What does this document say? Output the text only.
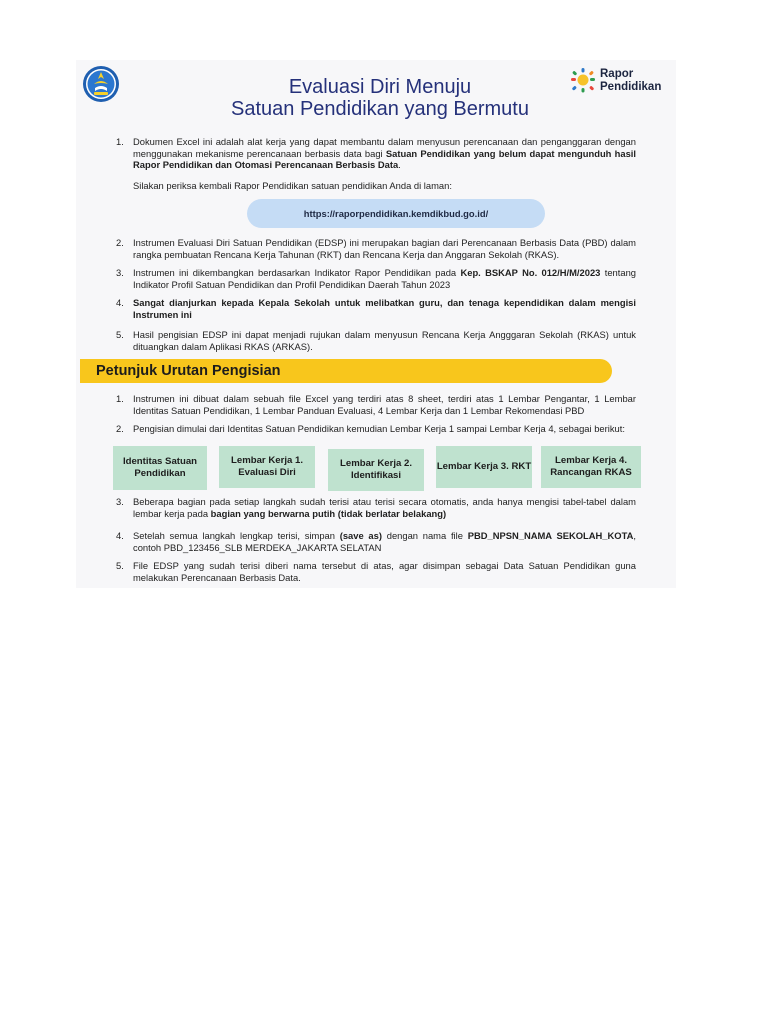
Rapor
Pendidikan
Evaluasi Diri Menuju
Satuan Pendidikan yang Bermutu
1. Dokumen Excel ini adalah alat kerja yang dapat membantu dalam menyusun perencanaan dan penganggaran dengan menggunakan mekanisme perencanaan berbasis data bagi Satuan Pendidikan yang belum dapat mengunduh hasil Rapor Pendidikan dan Otomasi Perencanaan Berbasis Data.
Silakan periksa kembali Rapor Pendidikan satuan pendidikan Anda di laman:
https://raporpendidikan.kemdikbud.go.id/
2. Instrumen Evaluasi Diri Satuan Pendidikan (EDSP) ini merupakan bagian dari Perencanaan Berbasis Data (PBD) dalam rangka pembuatan Rencana Kerja Tahunan (RKT) dan Rencana Kerja dan Anggaran Sekolah (RKAS).
3. Instrumen ini dikembangkan berdasarkan Indikator Rapor Pendidikan pada Kep. BSKAP No. 012/H/M/2023 tentang Indikator Profil Satuan Pendidikan dan Profil Pendidikan Daerah Tahun 2023
4. Sangat dianjurkan kepada Kepala Sekolah untuk melibatkan guru, dan tenaga kependidikan dalam mengisi Instrumen ini
5. Hasil pengisian EDSP ini dapat menjadi rujukan dalam menyusun Rencana Kerja Angggaran Sekolah (RKAS) untuk dituangkan dalam Aplikasi RKAS (ARKAS).
Petunjuk Urutan Pengisian
1. Instrumen ini dibuat dalam sebuah file Excel yang terdiri atas 8 sheet, terdiri atas 1 Lembar Pengantar, 1 Lembar Identitas Satuan Pendidikan, 1 Lembar Panduan Evaluasi, 4 Lembar Kerja dan 1 Lembar Rekomendasi PBD
2. Pengisian dimulai dari Identitas Satuan Pendidikan kemudian Lembar Kerja 1 sampai Lembar Kerja 4, sebagai berikut:
Identitas Satuan Pendidikan
Lembar Kerja 1. Evaluasi Diri
Lembar Kerja 2. Identifikasi
Lembar Kerja 3. RKT
Lembar Kerja 4. Rancangan RKAS
3. Beberapa bagian pada setiap langkah sudah terisi atau terisi secara otomatis, anda hanya mengisi tabel-tabel dalam lembar kerja pada bagian yang berwarna putih (tidak berlatar belakang)
4. Setelah semua langkah lengkap terisi, simpan (save as) dengan nama file PBD_NPSN_NAMA SEKOLAH_KOTA, contoh PBD_123456_SLB MERDEKA_JAKARTA SELATAN
5. File EDSP yang sudah terisi diberi nama tersebut di atas, agar disimpan sebagai Data Satuan Pendidikan guna melakukan Perencanaan Berbasis Data.
